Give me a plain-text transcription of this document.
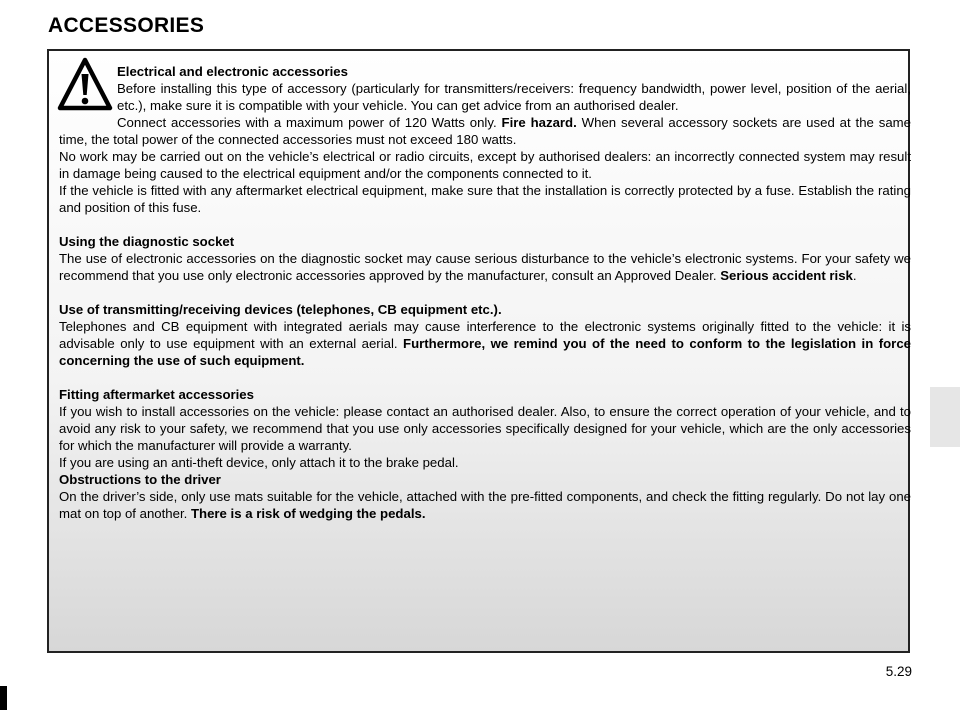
ACCESSORIES

Electrical and electronic accessories

Before installing this type of accessory (particularly for transmitters/receivers: frequency bandwidth, power level, position of the aerial, etc.), make sure it is compatible with your vehicle. You can get advice from an authorised dealer.

Connect accessories with a maximum power of 120 Watts only. Fire hazard. When several accessory sockets are used at the same time, the total power of the connected accessories must not exceed 180 watts.

No work may be carried out on the vehicle’s electrical or radio circuits, except by authorised dealers: an incorrectly connected system may result in damage being caused to the electrical equipment and/or the components connected to it.

If the vehicle is fitted with any aftermarket electrical equipment, make sure that the installation is correctly protected by a fuse. Establish the rating and position of this fuse.

Using the diagnostic socket

The use of electronic accessories on the diagnostic socket may cause serious disturbance to the vehicle’s electronic systems. For your safety we recommend that you use only electronic accessories approved by the manufacturer, consult an Approved Dealer. Serious accident risk.

Use of transmitting/receiving devices (telephones, CB equipment etc.).

Telephones and CB equipment with integrated aerials may cause interference to the electronic systems originally fitted to the vehicle: it is advisable only to use equipment with an external aerial. Furthermore, we remind you of the need to conform to the legislation in force concerning the use of such equipment.

Fitting aftermarket accessories

If you wish to install accessories on the vehicle: please contact an authorised dealer. Also, to ensure the correct operation of your vehicle, and to avoid any risk to your safety, we recommend that you use only accessories specifically designed for your vehicle, which are the only accessories for which the manufacturer will provide a warranty.

If you are using an anti-theft device, only attach it to the brake pedal.

Obstructions to the driver

On the driver’s side, only use mats suitable for the vehicle, attached with the pre-fitted components, and check the fitting regularly. Do not lay one mat on top of another. There is a risk of wedging the pedals.

5.29
